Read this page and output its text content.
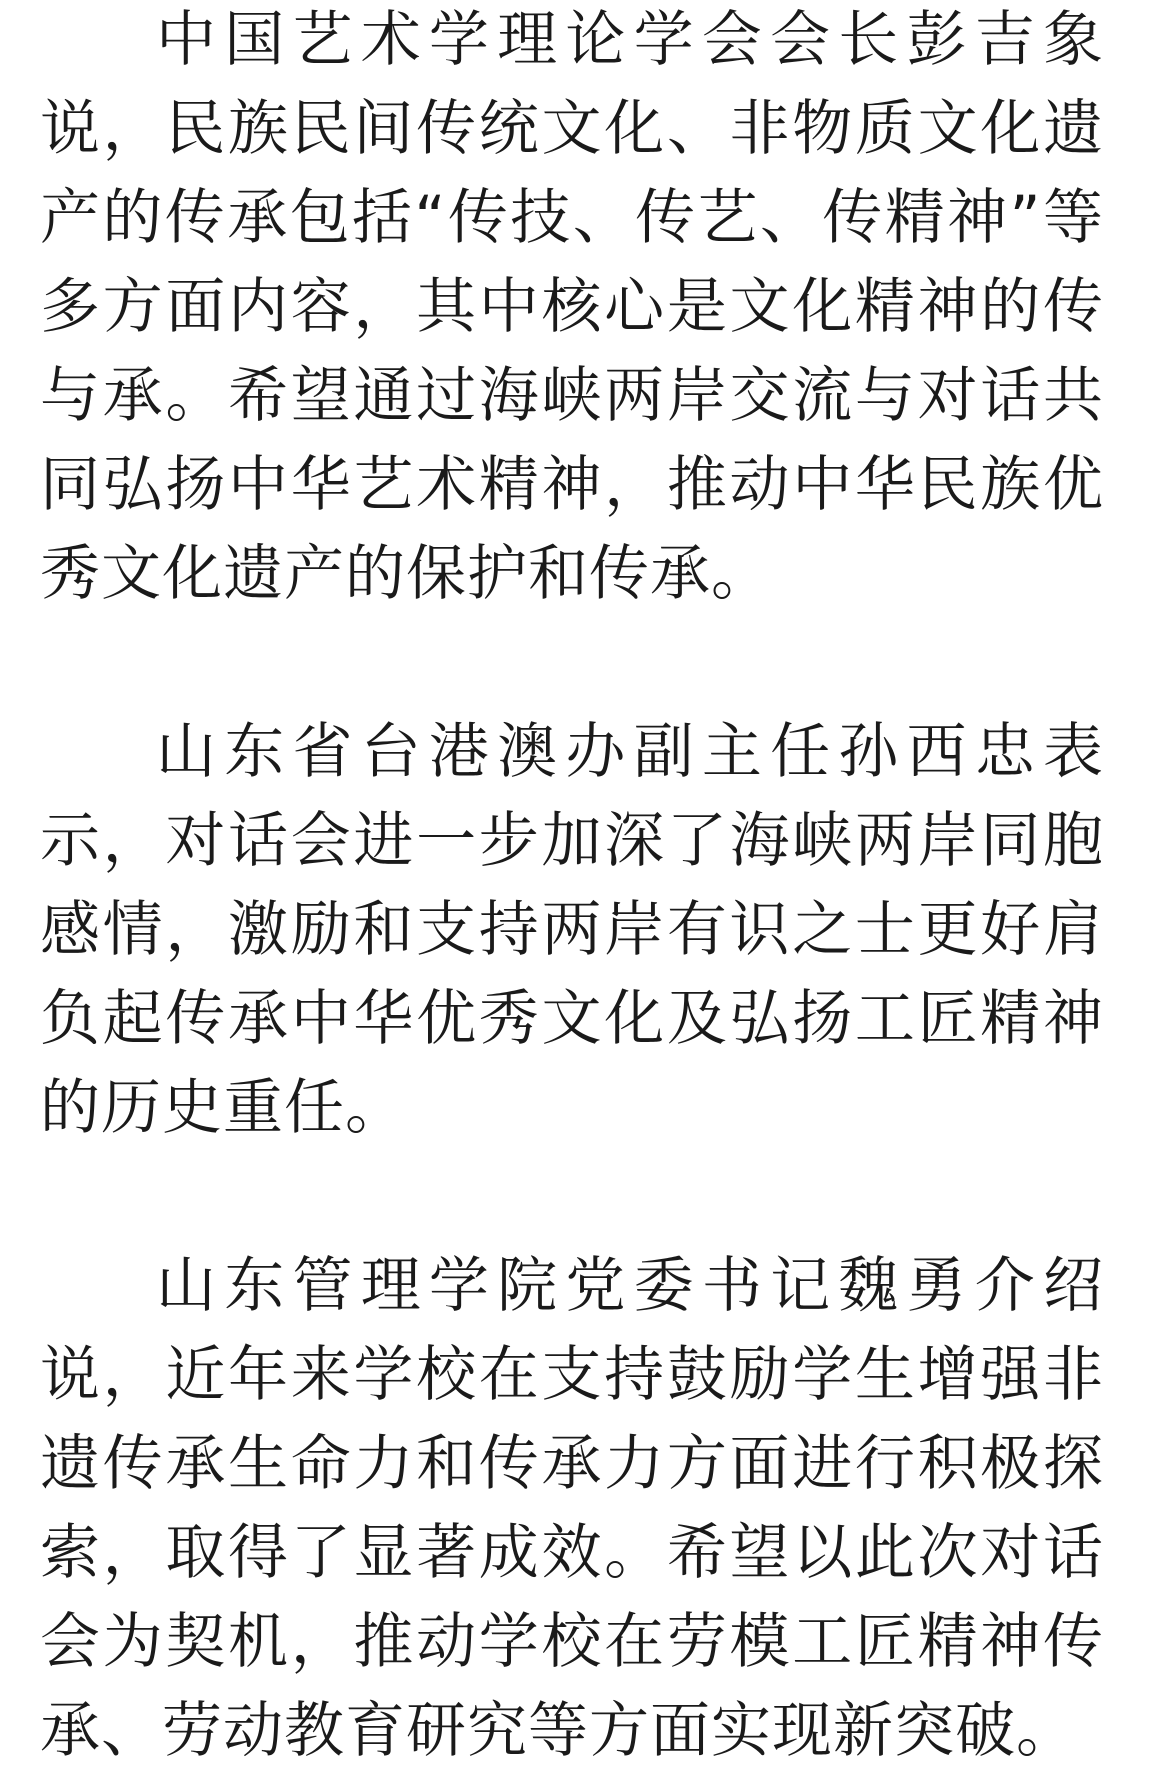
中国艺术学理论学会会长彭吉象说，民族民间传统文化、非物质文化遗产的传承包括“传技、传艺、传精神”等多方面内容，其中核心是文化精神的传与承。希望通过海峡两岸交流与对话共同弘扬中华艺术精神，推动中华民族优秀文化遗产的保护和传承。

山东省台港澳办副主任孙西忠表示，对话会进一步加深了海峡两岸同胞感情，激励和支持两岸有识之士更好肩负起传承中华优秀文化及弘扬工匠精神的历史重任。

山东管理学院党委书记魏勇介绍说，近年来学校在支持鼓励学生增强非遗传承生命力和传承力方面进行积极探索，取得了显著成效。希望以此次对话会为契机，推动学校在劳模工匠精神传承、劳动教育研究等方面实现新突破。
